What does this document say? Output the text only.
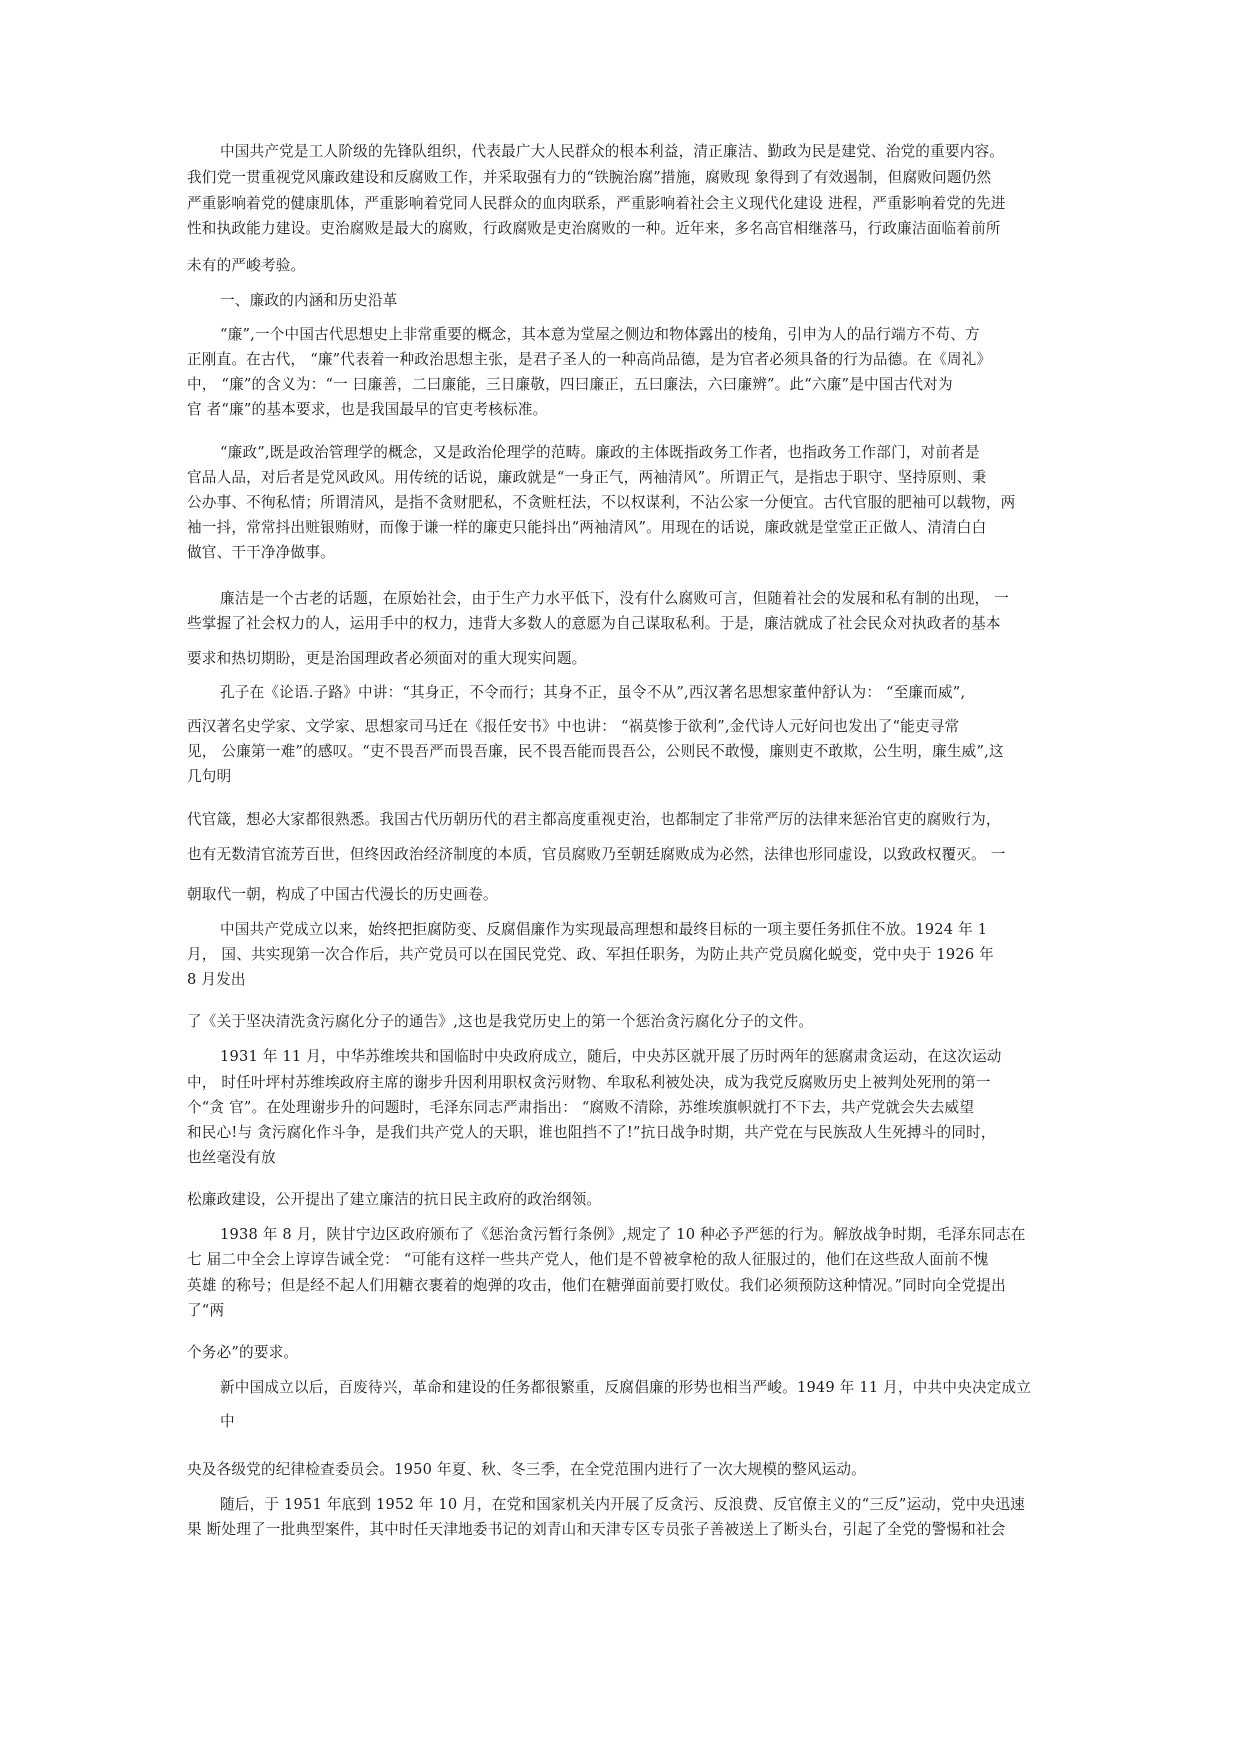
中国共产党是工人阶级的先锋队组织，代表最广大人民群众的根本利益，清正廉洁、勤政为民是建党、治党的重要内容。
我们党一贯重视党风廉政建设和反腐败工作，并采取强有力的“铁腕治腐”措施，腐败现 象得到了有效遏制，但腐败问题仍然
严重影响着党的健康肌体，严重影响着党同人民群众的血肉联系，严重影响着社会主义现代化建设 进程，严重影响着党的先进
性和执政能力建设。吏治腐败是最大的腐败，行政腐败是吏治腐败的一种。近年来，多名高官相继落马，行政廉洁面临着前所
未有的严峻考验。
一、廉政的内涵和历史沿革
“廉”,一个中国古代思想史上非常重要的概念，其本意为堂屋之侧边和物体露出的棱角，引申为人的品行端方不苟、方
正刚直。在古代， “廉”代表着一种政治思想主张，是君子圣人的一种高尚品德，是为官者必须具备的行为品德。在《周礼》
中， “廉”的含义为：“一 曰廉善，二曰廉能，三日廉敬，四曰廉正，五曰廉法，六曰廉辨”。此“六廉”是中国古代对为
官 者“廉”的基本要求，也是我国最早的官吏考核标准。
“廉政”,既是政治管理学的概念，又是政治伦理学的范畴。廉政的主体既指政务工作者，也指政务工作部门，对前者是
官品人品，对后者是党风政风。用传统的话说，廉政就是“一身正气，两袖清风”。所谓正气，是指忠于职守、坚持原则、秉
公办事、不徇私情；所谓清风，是指不贪财肥私，不贪赃枉法，不以权谋利，不沾公家一分便宜。古代官服的肥袖可以载物，两
袖一抖，常常抖出赃银贿财，而像于谦一样的廉吏只能抖出“两袖清风”。用现在的话说，廉政就是堂堂正正做人、清清白白
做官、干干净净做事。
廉洁是一个古老的话题，在原始社会，由于生产力水平低下，没有什么腐败可言，但随着社会的发展和私有制的出现， 一
些掌握了社会权力的人，运用手中的权力，违背大多数人的意愿为自己谋取私利。于是，廉洁就成了社会民众对执政者的基本
要求和热切期盼，更是治国理政者必须面对的重大现实问题。
孔子在《论语.子路》中讲：“其身正，不令而行；其身不正，虽令不从”,西汉著名思想家董仲舒认为： “至廉而威”,
西汉著名史学家、文学家、思想家司马迁在《报任安书》中也讲： “祸莫惨于欲利”,金代诗人元好问也发出了“能吏寻常
见， 公廉第一难”的感叹。“吏不畏吾严而畏吾廉，民不畏吾能而畏吾公，公则民不敢慢，廉则吏不敢欺，公生明，廉生威”,这
几句明
代官箴，想必大家都很熟悉。我国古代历朝历代的君主都高度重视吏治，也都制定了非常严厉的法律来惩治官吏的腐败行为，
也有无数清官流芳百世，但终因政治经济制度的本质，官员腐败乃至朝廷腐败成为必然，法律也形同虚设，以致政权覆灭。 一
朝取代一朝，构成了中国古代漫长的历史画卷。
中国共产党成立以来，始终把拒腐防变、反腐倡廉作为实现最高理想和最终目标的一项主要任务抓住不放。1924 年 1
月， 国、共实现第一次合作后，共产党员可以在国民党党、政、军担任职务，为防止共产党员腐化蜕变，党中央于 1926 年
8 月发出
了《关于坚决清洗贪污腐化分子的通告》,这也是我党历史上的第一个惩治贪污腐化分子的文件。
1931 年 11 月，中华苏维埃共和国临时中央政府成立，随后，中央苏区就开展了历时两年的惩腐肃贪运动，在这次运动
中， 时任叶坪村苏维埃政府主席的谢步升因利用职权贪污财物、牟取私利被处决，成为我党反腐败历史上被判处死刑的第一
个“贪 官”。在处理谢步升的问题时，毛泽东同志严肃指出： “腐败不清除，苏维埃旗帜就打不下去，共产党就会失去威望
和民心!与 贪污腐化作斗争，是我们共产党人的天职，谁也阻挡不了!”抗日战争时期，共产党在与民族敌人生死搏斗的同时，
也丝毫没有放
松廉政建设，公开提出了建立廉洁的抗日民主政府的政治纲领。
1938 年 8 月，陕甘宁边区政府颁布了《惩治贪污暂行条例》,规定了 10 种必予严惩的行为。解放战争时期，毛泽东同志在
七 届二中全会上谆谆告诫全党： “可能有这样一些共产党人，他们是不曾被拿枪的敌人征服过的，他们在这些敌人面前不愧
英雄 的称号；但是经不起人们用糖衣裹着的炮弹的攻击，他们在糖弹面前要打败仗。我们必须预防这种情况。”同时向全党提出
了“两
个务必”的要求。
新中国成立以后，百废待兴，革命和建设的任务都很繁重，反腐倡廉的形势也相当严峻。1949 年 11 月，中共中央决定成立
中
央及各级党的纪律检查委员会。1950 年夏、秋、冬三季，在全党范围内进行了一次大规模的整风运动。
随后，于 1951 年底到 1952 年 10 月，在党和国家机关内开展了反贪污、反浪费、反官僚主义的“三反”运动，党中央迅速
果 断处理了一批典型案件，其中时任天津地委书记的刘青山和天津专区专员张子善被送上了断头台，引起了全党的警惕和社会
